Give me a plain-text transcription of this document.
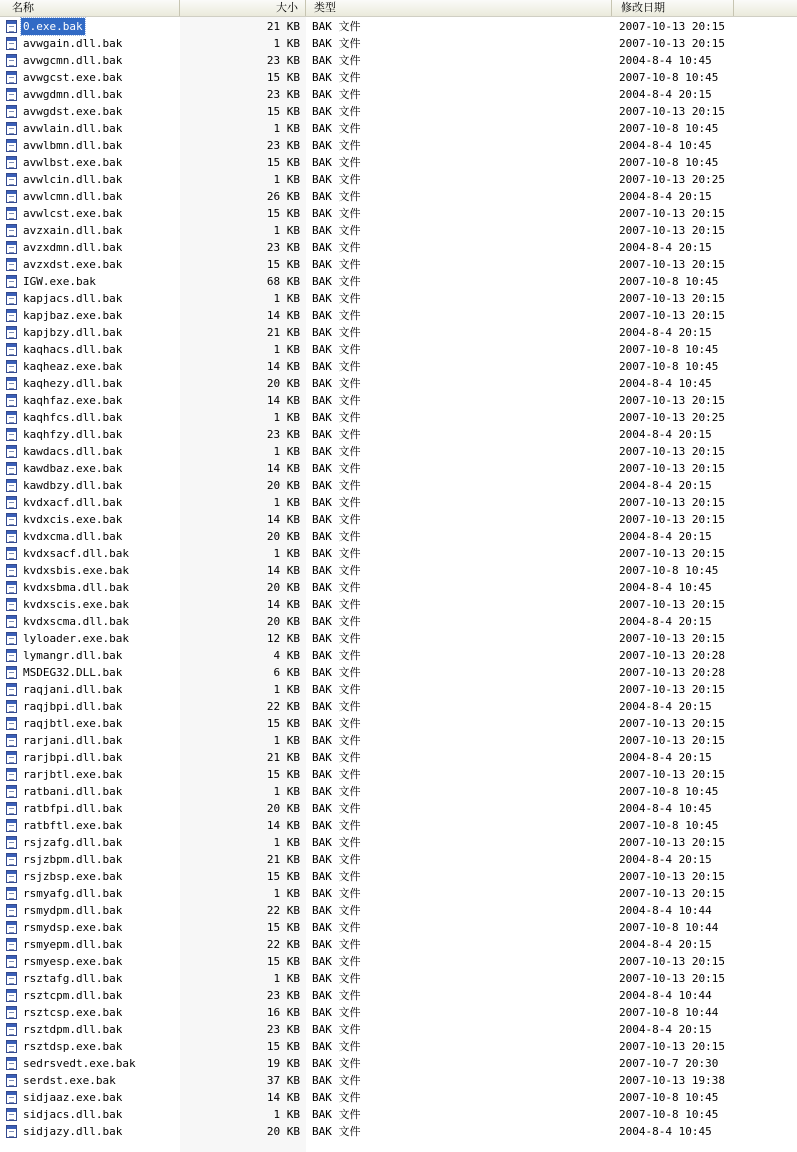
名称	大小	类型	修改日期
0.exe.bak	21 KB BAK 文件	2007-10-13 20:15
avwgain.dll.bak	1 KB BAK 文件	2007-10-13 20:15
avwgcmn.dll.bak	23 KB BAK 文件	2004-8-4 10:45
avwgcst.exe.bak	15 KB BAK 文件	2007-10-8 10:45
avwgdmn.dll.bak	23 KB BAK 文件	2004-8-4 20:15
avwgdst.exe.bak	15 KB BAK 文件	2007-10-13 20:15
avwlain.dll.bak	1 KB BAK 文件	2007-10-8 10:45
avwlbmn.dll.bak	23 KB BAK 文件	2004-8-4 10:45
avwlbst.exe.bak	15 KB BAK 文件	2007-10-8 10:45
avwlcin.dll.bak	1 KB BAK 文件	2007-10-13 20:25
avwlcmn.dll.bak	26 KB BAK 文件	2004-8-4 20:15
avwlcst.exe.bak	15 KB BAK 文件	2007-10-13 20:15
avzxain.dll.bak	1 KB BAK 文件	2007-10-13 20:15
avzxdmn.dll.bak	23 KB BAK 文件	2004-8-4 20:15
avzxdst.exe.bak	15 KB BAK 文件	2007-10-13 20:15
IGW.exe.bak	68 KB BAK 文件	2007-10-8 10:45
kapjacs.dll.bak	1 KB BAK 文件	2007-10-13 20:15
kapjbaz.exe.bak	14 KB BAK 文件	2007-10-13 20:15
kapjbzy.dll.bak	21 KB BAK 文件	2004-8-4 20:15
kaqhacs.dll.bak	1 KB BAK 文件	2007-10-8 10:45
kaqheaz.exe.bak	14 KB BAK 文件	2007-10-8 10:45
kaqhezy.dll.bak	20 KB BAK 文件	2004-8-4 10:45
kaqhfaz.exe.bak	14 KB BAK 文件	2007-10-13 20:15
kaqhfcs.dll.bak	1 KB BAK 文件	2007-10-13 20:25
kaqhfzy.dll.bak	23 KB BAK 文件	2004-8-4 20:15
kawdacs.dll.bak	1 KB BAK 文件	2007-10-13 20:15
kawdbaz.exe.bak	14 KB BAK 文件	2007-10-13 20:15
kawdbzy.dll.bak	20 KB BAK 文件	2004-8-4 20:15
kvdxacf.dll.bak	1 KB BAK 文件	2007-10-13 20:15
kvdxcis.exe.bak	14 KB BAK 文件	2007-10-13 20:15
kvdxcma.dll.bak	20 KB BAK 文件	2004-8-4 20:15
kvdxsacf.dll.bak	1 KB BAK 文件	2007-10-13 20:15
kvdxsbis.exe.bak	14 KB BAK 文件	2007-10-8 10:45
kvdxsbma.dll.bak	20 KB BAK 文件	2004-8-4 10:45
kvdxscis.exe.bak	14 KB BAK 文件	2007-10-13 20:15
kvdxscma.dll.bak	20 KB BAK 文件	2004-8-4 20:15
lyloader.exe.bak	12 KB BAK 文件	2007-10-13 20:15
lymangr.dll.bak	4 KB BAK 文件	2007-10-13 20:28
MSDEG32.DLL.bak	6 KB BAK 文件	2007-10-13 20:28
raqjani.dll.bak	1 KB BAK 文件	2007-10-13 20:15
raqjbpi.dll.bak	22 KB BAK 文件	2004-8-4 20:15
raqjbtl.exe.bak	15 KB BAK 文件	2007-10-13 20:15
rarjani.dll.bak	1 KB BAK 文件	2007-10-13 20:15
rarjbpi.dll.bak	21 KB BAK 文件	2004-8-4 20:15
rarjbtl.exe.bak	15 KB BAK 文件	2007-10-13 20:15
ratbani.dll.bak	1 KB BAK 文件	2007-10-8 10:45
ratbfpi.dll.bak	20 KB BAK 文件	2004-8-4 10:45
ratbftl.exe.bak	14 KB BAK 文件	2007-10-8 10:45
rsjzafg.dll.bak	1 KB BAK 文件	2007-10-13 20:15
rsjzbpm.dll.bak	21 KB BAK 文件	2004-8-4 20:15
rsjzbsp.exe.bak	15 KB BAK 文件	2007-10-13 20:15
rsmyafg.dll.bak	1 KB BAK 文件	2007-10-13 20:15
rsmydpm.dll.bak	22 KB BAK 文件	2004-8-4 10:44
rsmydsp.exe.bak	15 KB BAK 文件	2007-10-8 10:44
rsmyepm.dll.bak	22 KB BAK 文件	2004-8-4 20:15
rsmyesp.exe.bak	15 KB BAK 文件	2007-10-13 20:15
rsztafg.dll.bak	1 KB BAK 文件	2007-10-13 20:15
rsztcpm.dll.bak	23 KB BAK 文件	2004-8-4 10:44
rsztcsp.exe.bak	16 KB BAK 文件	2007-10-8 10:44
rsztdpm.dll.bak	23 KB BAK 文件	2004-8-4 20:15
rsztdsp.exe.bak	15 KB BAK 文件	2007-10-13 20:15
sedrsvedt.exe.bak	19 KB BAK 文件	2007-10-7 20:30
serdst.exe.bak	37 KB BAK 文件	2007-10-13 19:38
sidjaaz.exe.bak	14 KB BAK 文件	2007-10-8 10:45
sidjacs.dll.bak	1 KB BAK 文件	2007-10-8 10:45
sidjazy.dll.bak	20 KB BAK 文件	2004-8-4 10:45
